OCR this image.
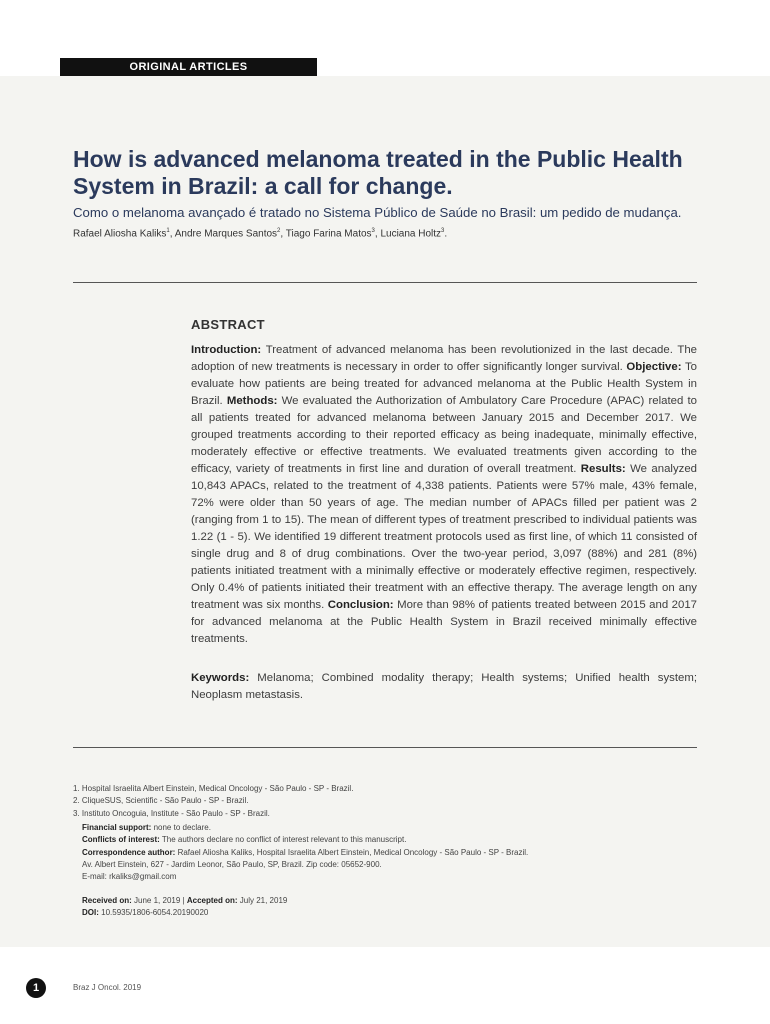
ORIGINAL ARTICLES
How is advanced melanoma treated in the Public Health System in Brazil: a call for change.
Como o melanoma avançado é tratado no Sistema Público de Saúde no Brasil: um pedido de mudança.
Rafael Aliosha Kaliks$^1$, Andre Marques Santos$^2$, Tiago Farina Matos$^3$, Luciana Holtz$^3$.
ABSTRACT

Introduction: Treatment of advanced melanoma has been revolutionized in the last decade. The adoption of new treatments is necessary in order to offer significantly longer survival. Objective: To evaluate how patients are being treated for advanced melanoma at the Public Health System in Brazil. Methods: We evaluated the Authorization of Ambulatory Care Procedure (APAC) related to all patients treated for advanced melanoma between January 2015 and December 2017. We grouped treatments according to their reported efficacy as being inadequate, minimally effective, moderately effective or effective treatments. We evaluated treatments given according to the efficacy, variety of treatments in first line and duration of overall treatment. Results: We analyzed 10,843 APACs, related to the treatment of 4,338 patients. Patients were 57% male, 43% female, 72% were older than 50 years of age. The median number of APACs filled per patient was 2 (ranging from 1 to 15). The mean of different types of treatment prescribed to individual patients was 1.22 (1 - 5). We identified 19 different treatment protocols used as first line, of which 11 consisted of single drug and 8 of drug combinations. Over the two-year period, 3,097 (88%) and 281 (8%) patients initiated treatment with a minimally effective or moderately effective regimen, respectively. Only 0.4% of patients initiated their treatment with an effective therapy. The average length on any treatment was six months. Conclusion: More than 98% of patients treated between 2015 and 2017 for advanced melanoma at the Public Health System in Brazil received minimally effective treatments.

Keywords: Melanoma; Combined modality therapy; Health systems; Unified health system; Neoplasm metastasis.

1. Hospital Israelita Albert Einstein, Medical Oncology - São Paulo - SP - Brazil.
2. CliqueSUS, Scientific - São Paulo - SP - Brazil.
3. Instituto Oncoguia, Institute - São Paulo - SP - Brazil.
Financial support: none to declare.
Conflicts of interest: The authors declare no conflict of interest relevant to this manuscript.
Correspondence author: Rafael Aliosha Kaliks, Hospital Israelita Albert Einstein, Medical Oncology - São Paulo - SP - Brazil.
Av. Albert Einstein, 627 - Jardim Leonor, São Paulo, SP, Brazil. Zip code: 05652-900.
E-mail: rkaliks@gmail.com
Received on: June 1, 2019 | Accepted on: July 21, 2019
DOI: 10.5935/1806-6054.20190020
1	Braz J Oncol. 2019
